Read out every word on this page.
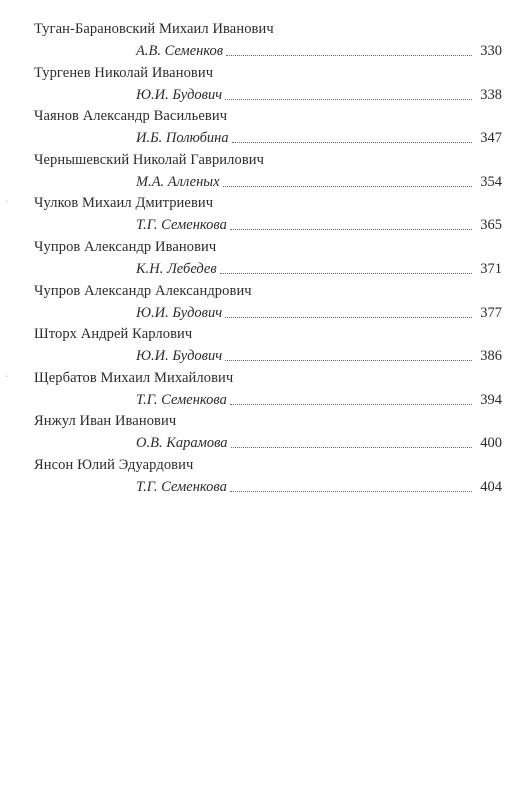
Туган-Барановский Михаил Иванович
А.В. Семенков	330
Тургенев Николай Иванович
Ю.И. Будович	338
Чаянов Александр Васильевич
И.Б. Полюбина	347
Чернышевский Николай Гаврилович
М.А. Алленых	354
ˇ Чулков Михаил Дмитриевич
Т.Г. Семенкова	365
Чупров Александр Иванович
К.Н. Лебедев	371
Чупров Александр Александрович
Ю.И. Будович	377
Шторх Андрей Карлович
Ю.И. Будович	386
ˇ Щербатов Михаил Михайлович
Т.Г. Семенкова	394
Янжул Иван Иванович
О.В. Карамова	400
Янсон Юлий Эдуардович
Т.Г. Семенкова	404
